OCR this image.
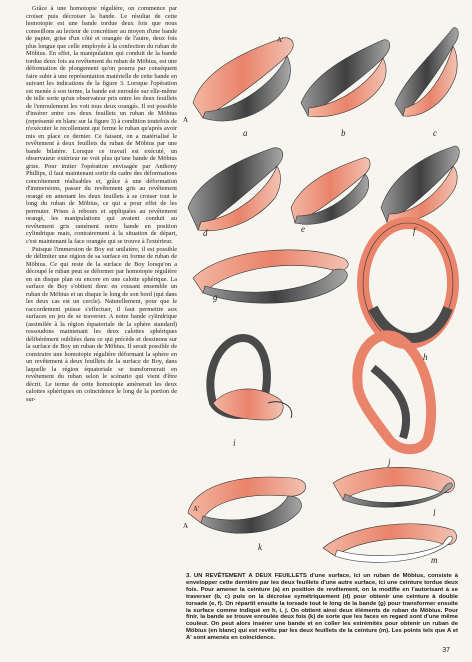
Grâce à une homotopie régulière, on commence par croiser puis décroiser la bande. Le résultat de cette homotopie est une bande tordue deux fois que nous conseillons au lecteur de concrétiser au moyen d'une bande de papier, grise d'un côté et orangée de l'autre, deux fois plus longue que celle employée à la confection du ruban de Möbius. En effet, la manipulation qui conduit de la bande tordue deux fois au revêtement du ruban de Möbius, est une déformation de plongement qu'on pourra par conséquent faire subir à une représentation matérielle de cette bande en suivant les indications de la figure 3. Lorsque l'opération est menée à son terme, la bande est enroulée sur elle-même de telle sorte qu'un observateur pris entre les deux feuillets de l'enroulement les voit tous deux orangés. Il est possible d'insérer entre ces deux feuillets un ruban de Möbius (représenté en blanc sur la figure 3) à condition toutefois de n'exécuter le recollement qui ferme le ruban qu'après avoir mis en place ce dernier. Ce faisant, on a matérialisé le revêtement à deux feuillets du ruban de Möbius par une bande bilatère. Lorsque ce travail est exécuté, un observateur extérieur ne voit plus qu'une bande de Möbius grise. Pour imiter l'opération envisagée par Anthony Phillips, il faut maintenant sortir du cadre des déformations concrètement réalisables et, grâce à une déformation d'immersions, passer du revêtement gris au revêtement orangé en amenant les deux feuillets à se croiser tout le long du ruban de Möbius, ce qui a pour effet de les permuter. Prises à rebours et appliquées au revêtement orangé, les manipulations qui avaient conduit au revêtement gris ramènent notre bande en position cylindrique mais, contrairement à la situation de départ, c'est maintenant la face orangée qui se trouve à l'extérieur.

Puisque l'immersion de Boy est unilatère, il est possible de délimiter une région de sa surface en forme de ruban de Möbius. Ce qui reste de la surface de Boy lorsqu'on a découpé le ruban peut se déformer par homotopie régulière en un disque plan ou encore en une calotte sphérique. La surface de Boy s'obtient donc en cousant ensemble un ruban de Möbius et un disque le long de son bord (qui dans les deux cas est un cercle). Naturellement, pour que le raccordement puisse s'effectuer, il faut permettre aux surfaces en jeu de se traverser. A notre bande cylindrique (assimilée à la région équatoriale de la sphère standard) ressoudons maintenant les deux calottes sphériques délibérément oubliées dans ce qui précède et dessinons sur la surface de Boy un ruban de Möbius. Il serait possible de construire une homotopie régulière déformant la sphère en un revêtement à deux feuillets de la surface de Boy, dans laquelle la région équatoriale se transformerait en revêtement du ruban selon le scénario qui vient d'être décrit. Le terme de cette homotopie amènerait les deux calottes sphériques en coïncidence le long de la portion de sur-

a	b	c
d	e	f
g
h
i
j
k
l
m
A
A'
A
A'
3. UN REVÊTEMENT A DEUX FEUILLETS d'une surface, ici un ruban de Möbius, consiste à envelopper cette dernière par les deux feuillets d'une autre surface, ici une ceinture tordue deux fois. Pour amener la ceinture (a) en position de revêtement, on la modifie en l'autorisant à se traverser (b, c) puis on la décroise symétriquement (d) pour obtenir une ceinture à double torsade (e, f). On répartit ensuite la torsade tout le long de la bande (g) pour transformer ensuite la surface comme indiqué en h, i, j. On obtient ainsi deux éléments de ruban de Möbius. Pour finir, la bande se trouve enroulée deux fois (k) de sorte que les faces en regard sont d'une même couleur. On peut alors insérer une bande et en coller les extrémités pour obtenir un ruban de Möbius (en blanc) qui est revêtu par les deux feuillets de la ceinture (m). Les points tels que A et A' sont amenés en coïncidence.
37
